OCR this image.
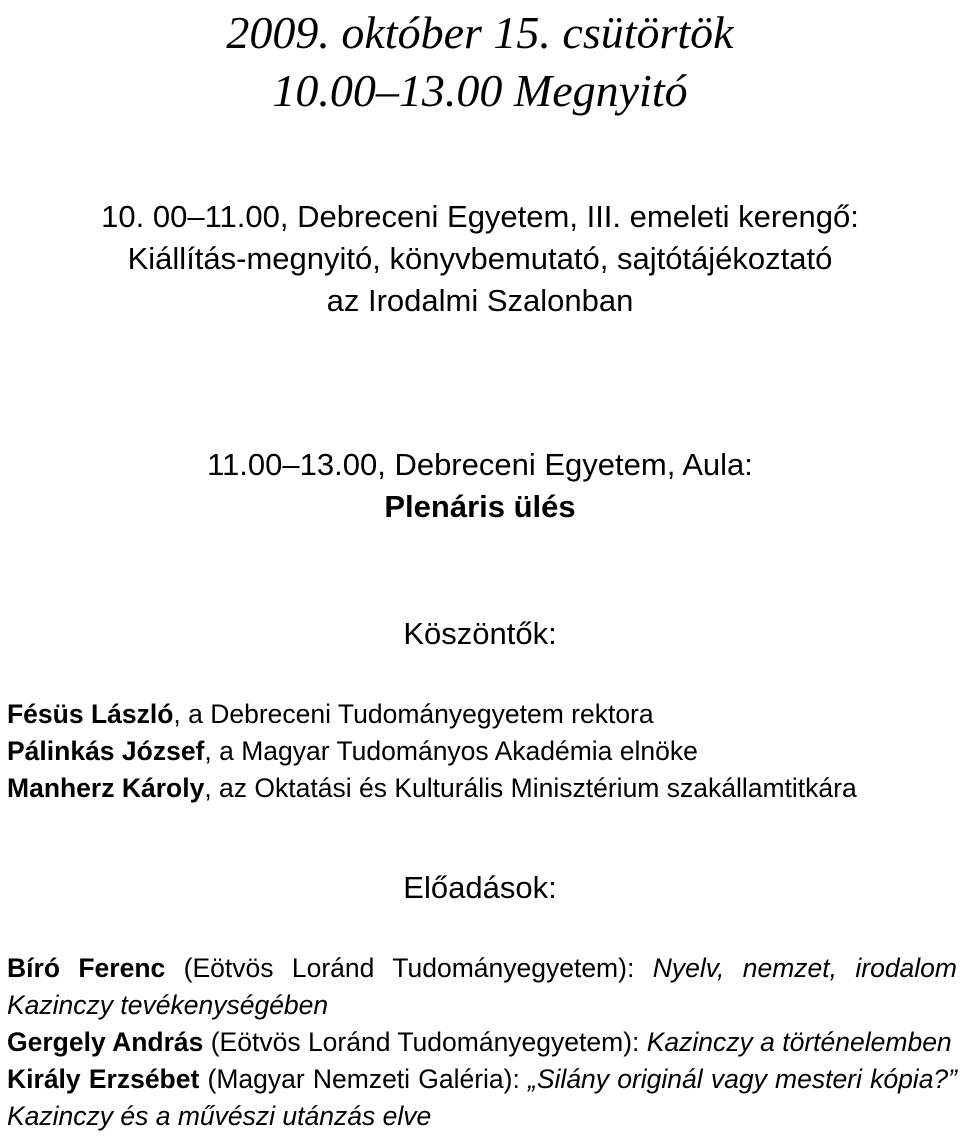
2009. október 15. csütörtök
10.00–13.00 Megnyitó
10. 00–11.00, Debreceni Egyetem, III. emeleti kerengő:
Kiállítás-megnyitó, könyvbemutató, sajtótájékoztató
az Irodalmi Szalonban
11.00–13.00, Debreceni Egyetem, Aula:
Plenáris ülés
Köszöntők:
Fésüs László, a Debreceni Tudományegyetem rektora
Pálinkás József, a Magyar Tudományos Akadémia elnöke
Manherz Károly, az Oktatási és Kulturális Minisztérium szakállamtitkára
Előadások:
Bíró Ferenc (Eötvös Loránd Tudományegyetem): Nyelv, nemzet, irodalom Kazinczy tevékenységében
Gergely András (Eötvös Loránd Tudományegyetem): Kazinczy a történelemben
Király Erzsébet (Magyar Nemzeti Galéria): „Silány originál vagy mesteri kópia?” Kazinczy és a művészi utánzás elve
